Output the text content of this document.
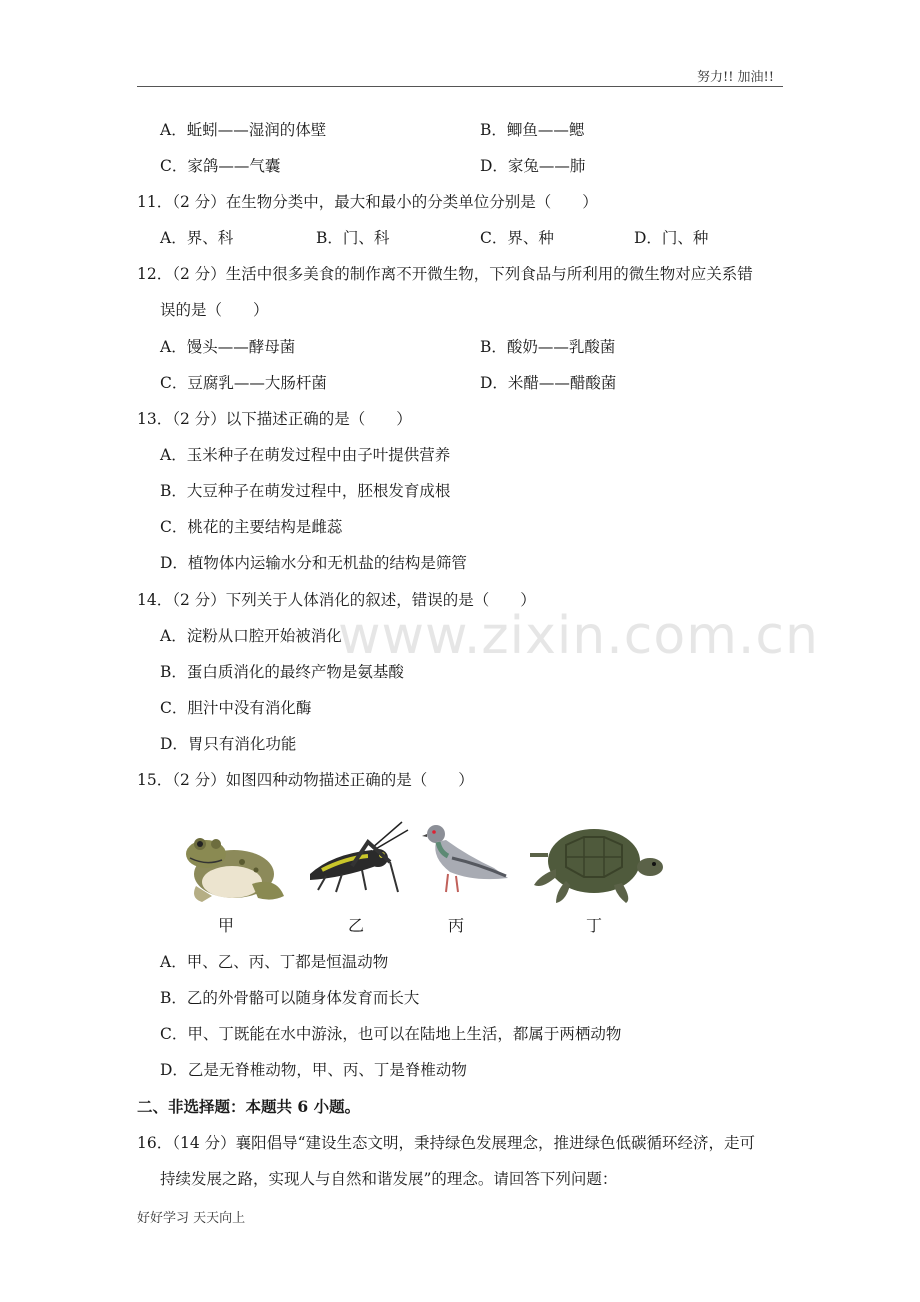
努力!! 加油!!
A．蚯蚓——湿润的体壁	B．鲫鱼——鳃
C．家鸽——气囊	D．家兔——肺
11．（2 分）在生物分类中，最大和最小的分类单位分别是（　　）
A．界、科	B．门、科	C．界、种	D．门、种
12．（2 分）生活中很多美食的制作离不开微生物，下列食品与所利用的微生物对应关系错
误的是（　　）
A．馒头——酵母菌	B．酸奶——乳酸菌
C．豆腐乳——大肠杆菌	D．米醋——醋酸菌
13．（2 分）以下描述正确的是（　　）
A．玉米种子在萌发过程中由子叶提供营养
B．大豆种子在萌发过程中，胚根发育成根
C．桃花的主要结构是雌蕊
D．植物体内运输水分和无机盐的结构是筛管
14．（2 分）下列关于人体消化的叙述，错误的是（　　）
A．淀粉从口腔开始被消化
B．蛋白质消化的最终产物是氨基酸
C．胆汁中没有消化酶
D．胃只有消化功能
www.zixin.com.cn
15．（2 分）如图四种动物描述正确的是（　　）
甲	乙	丙	丁
A．甲、乙、丙、丁都是恒温动物
B．乙的外骨骼可以随身体发育而长大
C．甲、丁既能在水中游泳，也可以在陆地上生活，都属于两栖动物
D．乙是无脊椎动物，甲、丙、丁是脊椎动物
二、非选择题：本题共 6 小题。
16．（14 分）襄阳倡导“建设生态文明，秉持绿色发展理念，推进绿色低碳循环经济，走可
持续发展之路，实现人与自然和谐发展”的理念。请回答下列问题：
好好学习 天天向上
